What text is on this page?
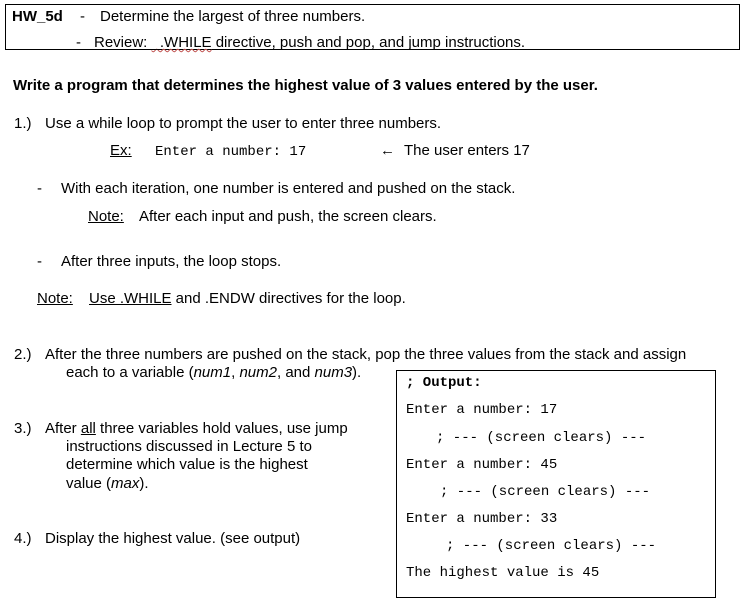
HW_5d - Determine the largest of three numbers.
- Review: _.WHILE directive, push and pop, and jump instructions.
Write a program that determines the highest value of 3 values entered by the user.
1.) Use a while loop to prompt the user to enter three numbers.
Ex: Enter a number: 17	← The user enters 17
- With each iteration, one number is entered and pushed on the stack.
Note: After each input and push, the screen clears.
- After three inputs, the loop stops.
Note: Use .WHILE and .ENDW directives for the loop.
2.) After the three numbers are pushed on the stack, pop the three values from the stack and assign
each to a variable (num1, num2, and num3).
3.) After all three variables hold values, use jump
instructions discussed in Lecture 5 to
determine which value is the highest
value (max).
4.) Display the highest value. (see output)
; Output:
Enter a number: 17
; --- (screen clears) ---
Enter a number: 45
; --- (screen clears) ---
Enter a number: 33
; --- (screen clears) ---
The highest value is 45
